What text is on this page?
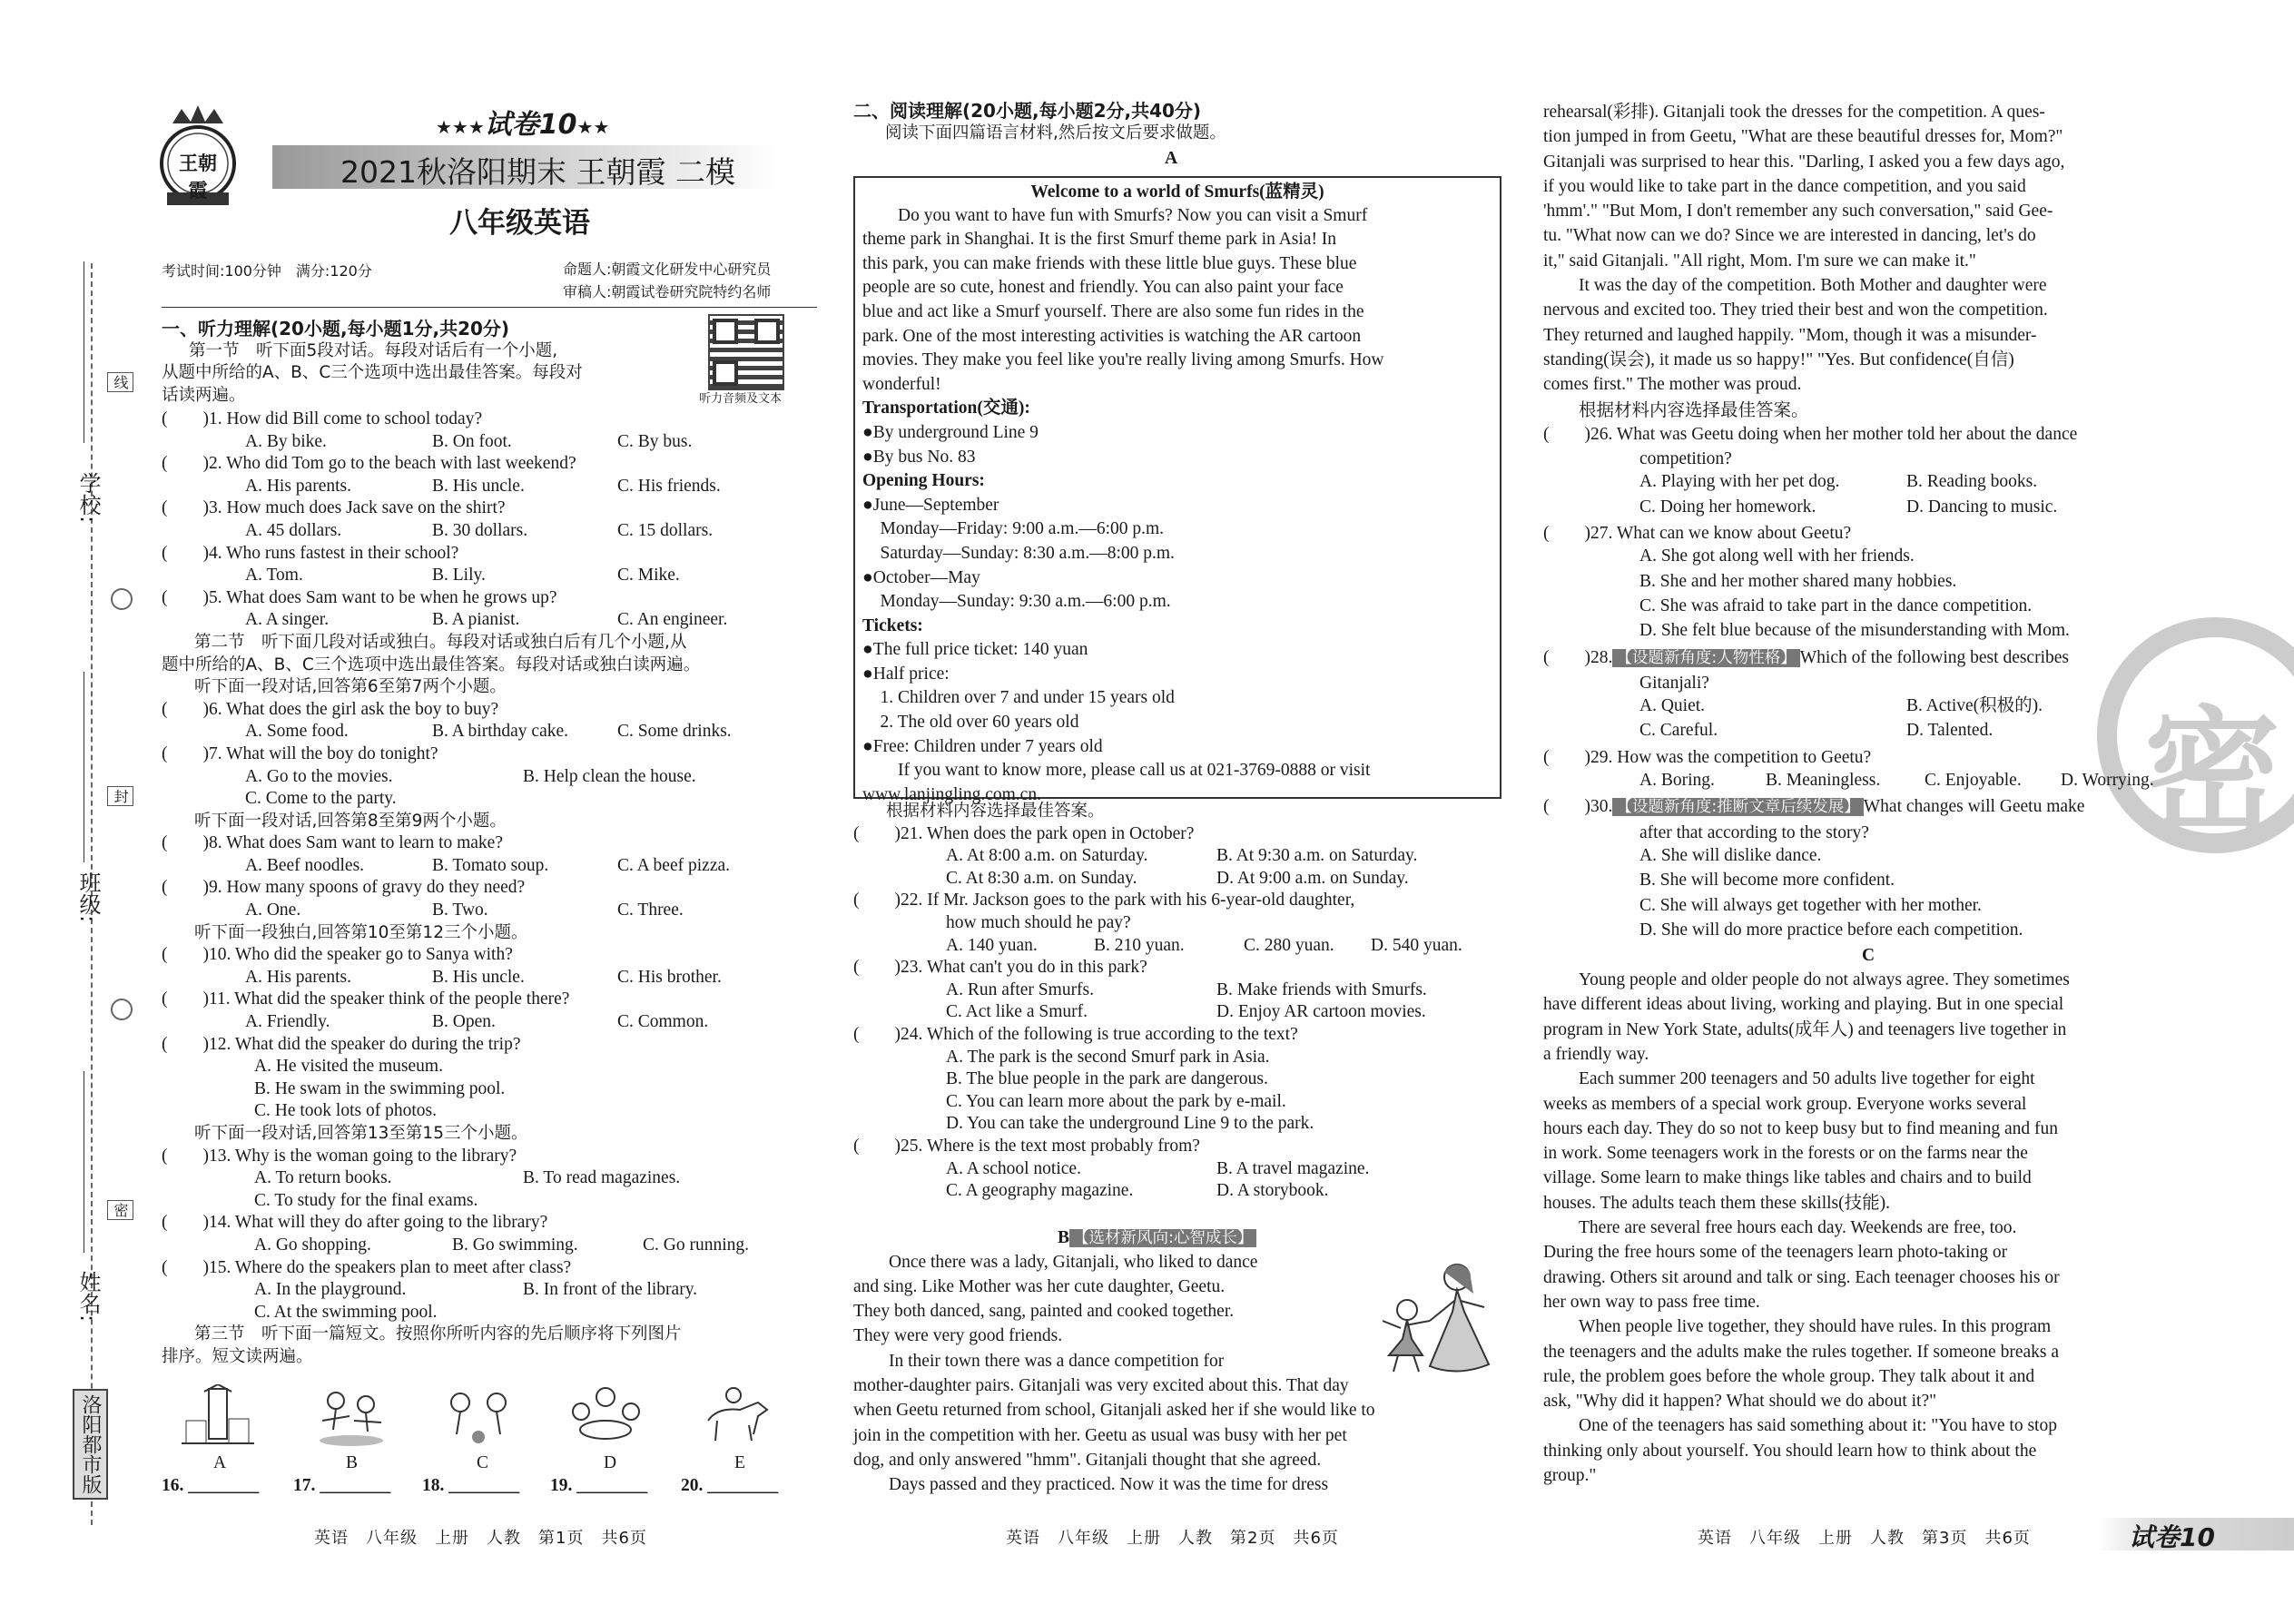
学校:
线
班级:
封
姓名:
密
洛阳都市版
王朝霞
★★★试卷10★★
2021秋洛阳期末 王朝霞 二模
八年级英语
考试时间:100分钟　满分:120分	命题人:朝霞文化研发中心研究员
审稿人:朝霞试卷研究院特约名师
听力音频及文本
一、听力理解(20小题,每小题1分,共20分)
第一节　听下面5段对话。每段对话后有一个小题,
从题中所给的A、B、C三个选项中选出最佳答案。每段对
话读两遍。
(　　)1. How did Bill come to school today?
A. By bike.	B. On foot.	C. By bus.
(　　)2. Who did Tom go to the beach with last weekend?
A. His parents.	B. His uncle.	C. His friends.
(　　)3. How much does Jack save on the shirt?
A. 45 dollars.	B. 30 dollars.	C. 15 dollars.
(　　)4. Who runs fastest in their school?
A. Tom.	B. Lily.	C. Mike.
(　　)5. What does Sam want to be when he grows up?
A. A singer.	B. A pianist.	C. An engineer.
第二节　听下面几段对话或独白。每段对话或独白后有几个小题,从
题中所给的A、B、C三个选项中选出最佳答案。每段对话或独白读两遍。
听下面一段对话,回答第6至第7两个小题。
(　　)6. What does the girl ask the boy to buy?
A. Some food.	B. A birthday cake.	C. Some drinks.
(　　)7. What will the boy do tonight?
A. Go to the movies.	B. Help clean the house.
C. Come to the party.
听下面一段对话,回答第8至第9两个小题。
(　　)8. What does Sam want to learn to make?
A. Beef noodles.	B. Tomato soup.	C. A beef pizza.
(　　)9. How many spoons of gravy do they need?
A. One.	B. Two.	C. Three.
听下面一段独白,回答第10至第12三个小题。
(　　)10. Who did the speaker go to Sanya with?
A. His parents.	B. His uncle.	C. His brother.
(　　)11. What did the speaker think of the people there?
A. Friendly.	B. Open.	C. Common.
(　　)12. What did the speaker do during the trip?
A. He visited the museum.
B. He swam in the swimming pool.
C. He took lots of photos.
听下面一段对话,回答第13至第15三个小题。
(　　)13. Why is the woman going to the library?
A. To return books.	B. To read magazines.
C. To study for the final exams.
(　　)14. What will they do after going to the library?
A. Go shopping.	B. Go swimming.	C. Go running.
(　　)15. Where do the speakers plan to meet after class?
A. In the playground.	B. In front of the library.
C. At the swimming pool.
第三节　听下面一篇短文。按照你所听内容的先后顺序将下列图片
排序。短文读两遍。
A	B	C	D	E
16. ________ 17. ________ 18. ________ 19. ________ 20. ________
英语　八年级　上册　人教　第1页　共6页
二、阅读理解(20小题,每小题2分,共40分)
阅读下面四篇语言材料,然后按文后要求做题。
A
Welcome to a world of Smurfs(蓝精灵)
　　Do you want to have fun with Smurfs? Now you can visit a Smurf
theme park in Shanghai. It is the first Smurf theme park in Asia! In
this park, you can make friends with these little blue guys. These blue
people are so cute, honest and friendly. You can also paint your face
blue and act like a Smurf yourself. There are also some fun rides in the
park. One of the most interesting activities is watching the AR cartoon
movies. They make you feel like you're really living among Smurfs. How
wonderful!
Transportation(交通):
●By underground Line 9
●By bus No. 83
Opening Hours:
●June—September
　Monday—Friday: 9:00 a.m.—6:00 p.m.
　Saturday—Sunday: 8:30 a.m.—8:00 p.m.
●October—May
　Monday—Sunday: 9:30 a.m.—6:00 p.m.
Tickets:
●The full price ticket: 140 yuan
●Half price:
　1. Children over 7 and under 15 years old
　2. The old over 60 years old
●Free: Children under 7 years old
　　If you want to know more, please call us at 021-3769-0888 or visit
www.lanjingling.com.cn.
根据材料内容选择最佳答案。
(　　)21. When does the park open in October?
A. At 8:00 a.m. on Saturday.	B. At 9:30 a.m. on Saturday.
C. At 8:30 a.m. on Sunday.	D. At 9:00 a.m. on Sunday.
(　　)22. If Mr. Jackson goes to the park with his 6-year-old daughter,
how much should he pay?
A. 140 yuan.	B. 210 yuan.	C. 280 yuan. D. 540 yuan.
(　　)23. What can't you do in this park?
A. Run after Smurfs.	B. Make friends with Smurfs.
C. Act like a Smurf.	D. Enjoy AR cartoon movies.
(　　)24. Which of the following is true according to the text?
A. The park is the second Smurf park in Asia.
B. The blue people in the park are dangerous.
C. You can learn more about the park by e-mail.
D. You can take the underground Line 9 to the park.
(　　)25. Where is the text most probably from?
A. A school notice.	B. A travel magazine.
C. A geography magazine.	D. A storybook.
B 【选材新风向:心智成长】
　　Once there was a lady, Gitanjali, who liked to dance
and sing. Like Mother was her cute daughter, Geetu.
They both danced, sang, painted and cooked together.
They were very good friends.
　　In their town there was a dance competition for
mother-daughter pairs. Gitanjali was very excited about this. That day
when Geetu returned from school, Gitanjali asked her if she would like to
join in the competition with her. Geetu as usual was busy with her pet
dog, and only answered "hmm". Gitanjali thought that she agreed.
　　Days passed and they practiced. Now it was the time for dress
英语　八年级　上册　人教　第2页　共6页
密
rehearsal(彩排). Gitanjali took the dresses for the competition. A ques-
tion jumped in from Geetu, "What are these beautiful dresses for, Mom?"
Gitanjali was surprised to hear this. "Darling, I asked you a few days ago,
if you would like to take part in the dance competition, and you said
'hmm'." "But Mom, I don't remember any such conversation," said Gee-
tu. "What now can we do? Since we are interested in dancing, let's do
it," said Gitanjali. "All right, Mom. I'm sure we can make it."
　　It was the day of the competition. Both Mother and daughter were
nervous and excited too. They tried their best and won the competition.
They returned and laughed happily. "Mom, though it was a misunder-
standing(误会), it made us so happy!" "Yes. But confidence(自信)
comes first." The mother was proud.
　　根据材料内容选择最佳答案。
(　　)26. What was Geetu doing when her mother told her about the dance
competition?
A. Playing with her pet dog.	B. Reading books.
C. Doing her homework.	D. Dancing to music.
(　　)27. What can we know about Geetu?
A. She got along well with her friends.
B. She and her mother shared many hobbies.
C. She was afraid to take part in the dance competition.
D. She felt blue because of the misunderstanding with Mom.
(　　)28. 【设题新角度:人物性格】 Which of the following best describes
Gitanjali?
A. Quiet.	B. Active(积极的).
C. Careful.	D. Talented.
(　　)29. How was the competition to Geetu?
A. Boring.	B. Meaningless.	C. Enjoyable. D. Worrying.
(　　)30. 【设题新角度:推断文章后续发展】 What changes will Geetu make
after that according to the story?
A. She will dislike dance.
B. She will become more confident.
C. She will always get together with her mother.
D. She will do more practice before each competition.
C
　　Young people and older people do not always agree. They sometimes
have different ideas about living, working and playing. But in one special
program in New York State, adults(成年人) and teenagers live together in
a friendly way.
　　Each summer 200 teenagers and 50 adults live together for eight
weeks as members of a special work group. Everyone works several
hours each day. They do so not to keep busy but to find meaning and fun
in work. Some teenagers work in the forests or on the farms near the
village. Some learn to make things like tables and chairs and to build
houses. The adults teach them these skills(技能).
　　There are several free hours each day. Weekends are free, too.
During the free hours some of the teenagers learn photo-taking or
drawing. Others sit around and talk or sing. Each teenager chooses his or
her own way to pass free time.
　　When people live together, they should have rules. In this program
the teenagers and the adults make the rules together. If someone breaks a
rule, the problem goes before the whole group. They talk about it and
ask, "Why did it happen? What should we do about it?"
　　One of the teenagers has said something about it: "You have to stop
thinking only about yourself. You should learn how to think about the
group."
英语　八年级　上册　人教　第3页　共6页	试卷10
